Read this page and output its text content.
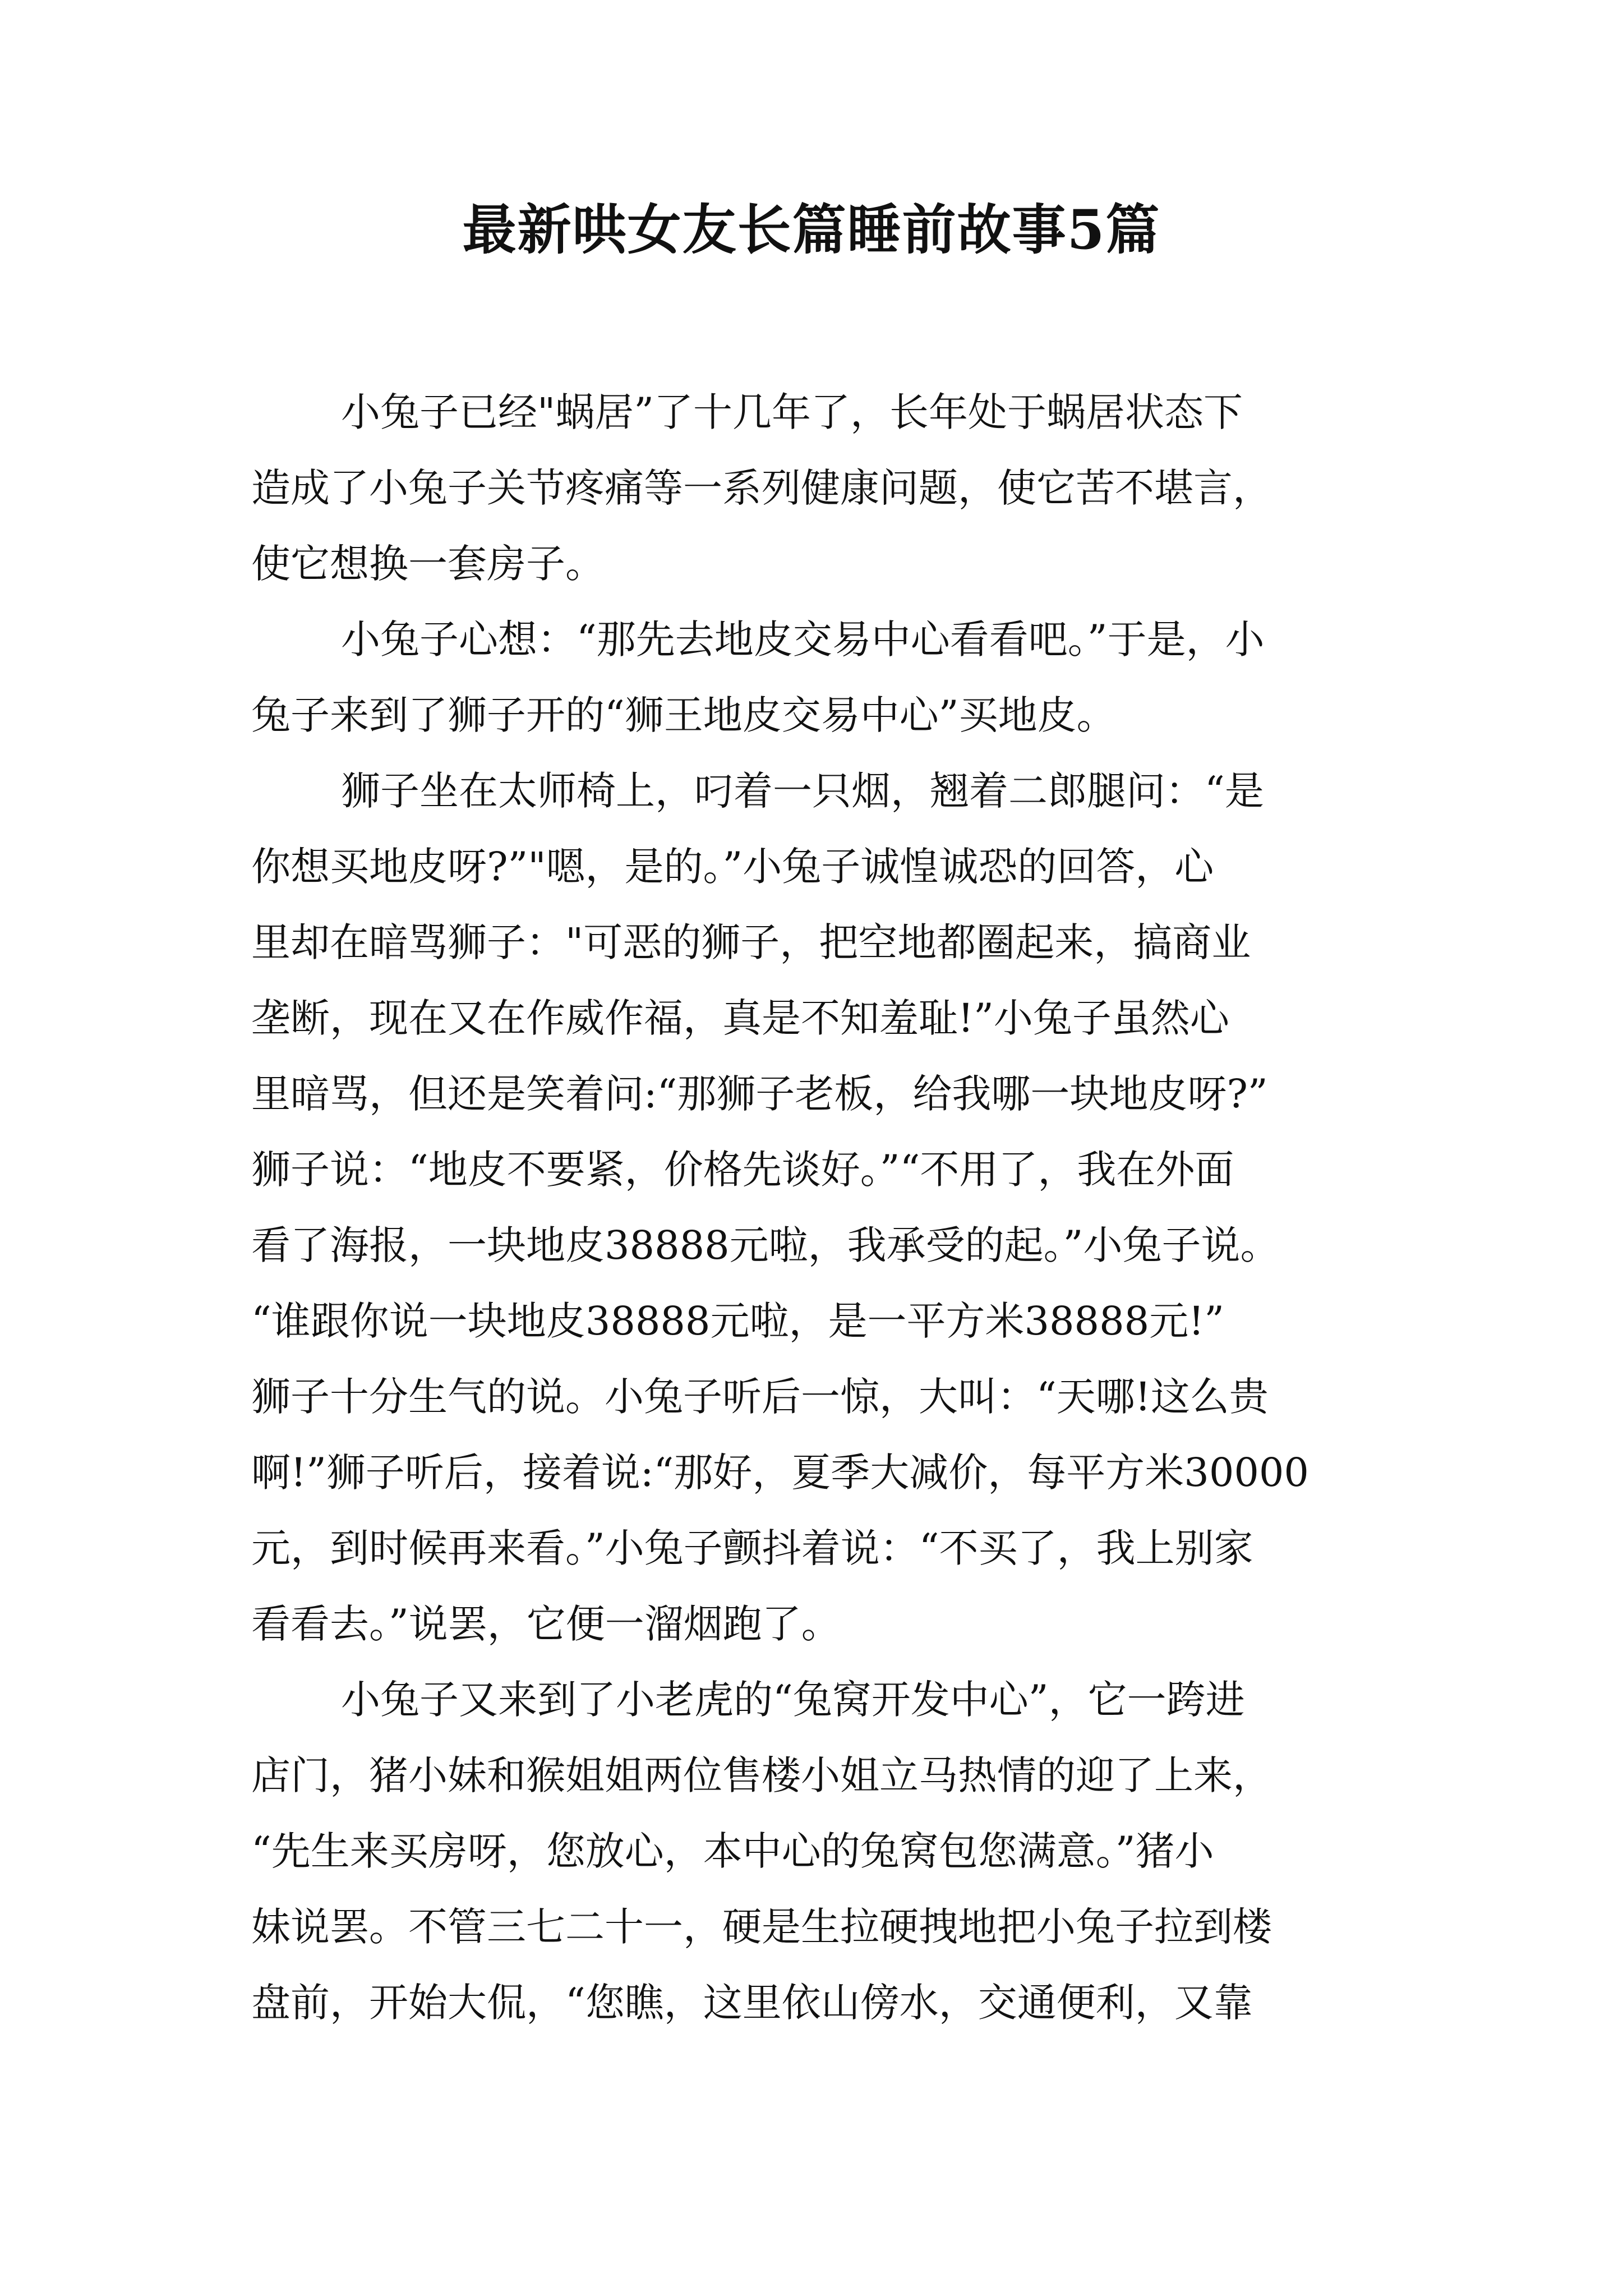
最新哄女友长篇睡前故事5篇
小兔子已经"蜗居”了十几年了，长年处于蜗居状态下
造成了小兔子关节疼痛等一系列健康问题，使它苦不堪言，
使它想换一套房子。
小兔子心想：“那先去地皮交易中心看看吧。”于是，小
兔子来到了狮子开的“狮王地皮交易中心”买地皮。
狮子坐在太师椅上，叼着一只烟，翘着二郎腿问：“是
你想买地皮呀?”"嗯，是的。”小兔子诚惶诚恐的回答，心
里却在暗骂狮子："可恶的狮子，把空地都圈起来，搞商业
垄断，现在又在作威作福，真是不知羞耻!”小兔子虽然心
里暗骂，但还是笑着问:“那狮子老板，给我哪一块地皮呀?”
狮子说：“地皮不要紧，价格先谈好。”“不用了，我在外面
看了海报，一块地皮38888元啦，我承受的起。”小兔子说。
“谁跟你说一块地皮38888元啦，是一平方米38888元!”
狮子十分生气的说。小兔子听后一惊，大叫：“天哪!这么贵
啊!”狮子听后，接着说:“那好，夏季大减价，每平方米30000
元，到时候再来看。”小兔子颤抖着说：“不买了，我上别家
看看去。”说罢，它便一溜烟跑了。
小兔子又来到了小老虎的“兔窝开发中心”，它一跨进
店门，猪小妹和猴姐姐两位售楼小姐立马热情的迎了上来，
“先生来买房呀，您放心，本中心的兔窝包您满意。”猪小
妹说罢。不管三七二十一，硬是生拉硬拽地把小兔子拉到楼
盘前，开始大侃，“您瞧，这里依山傍水，交通便利，又靠
